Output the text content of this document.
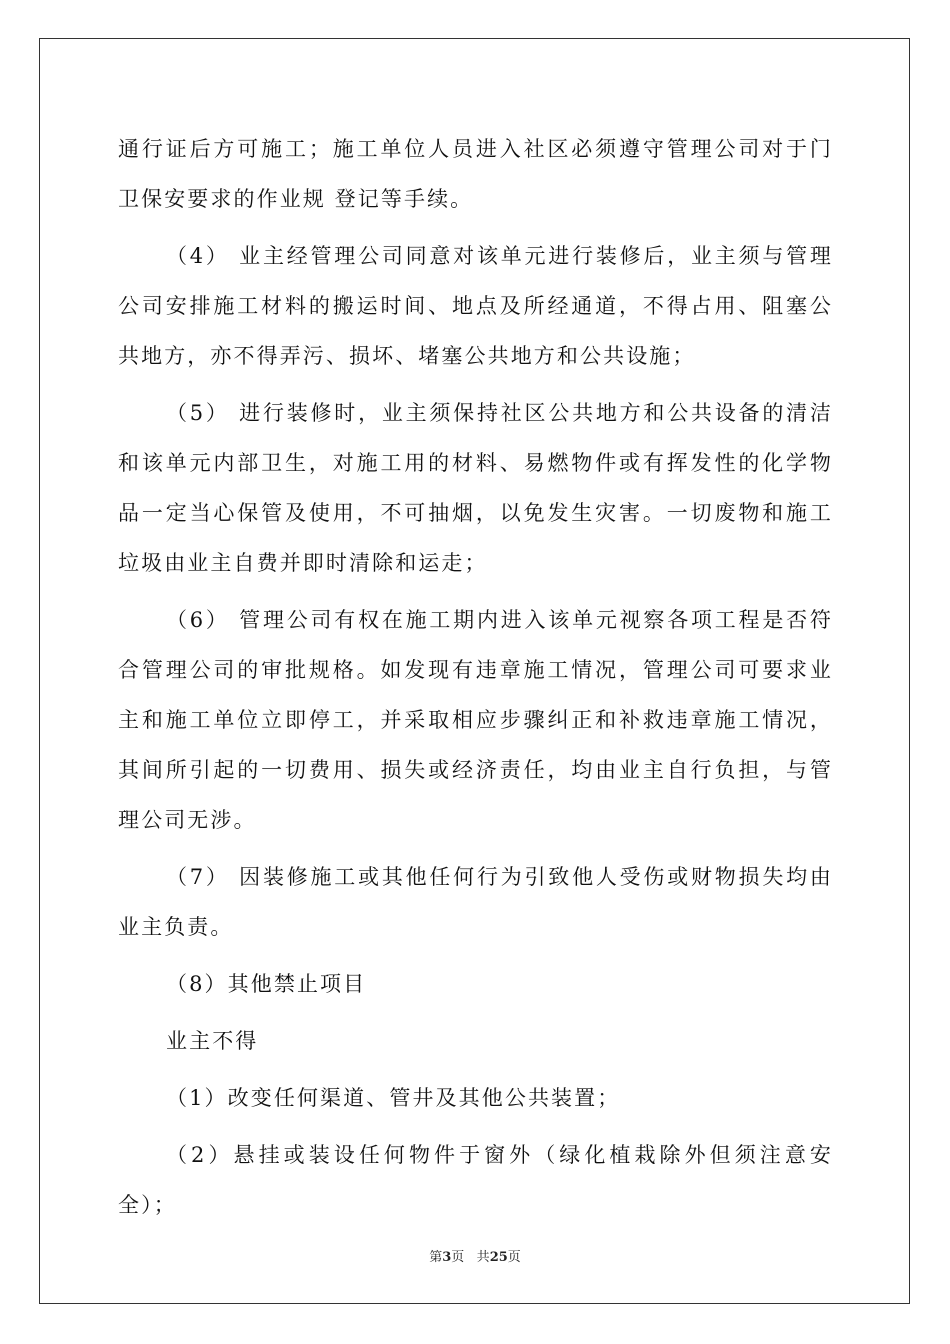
通行证后方可施工；施工单位人员进入社区必须遵守管理公司对于门卫保安要求的作业规 登记等手续。

（4） 业主经管理公司同意对该单元进行装修后，业主须与管理公司安排施工材料的搬运时间、地点及所经通道，不得占用、阻塞公共地方，亦不得弄污、损坏、堵塞公共地方和公共设施；

（5） 进行装修时，业主须保持社区公共地方和公共设备的清洁和该单元内部卫生，对施工用的材料、易燃物件或有挥发性的化学物品一定当心保管及使用，不可抽烟，以免发生灾害。一切废物和施工垃圾由业主自费并即时清除和运走；

（6） 管理公司有权在施工期内进入该单元视察各项工程是否符合管理公司的审批规格。如发现有违章施工情况，管理公司可要求业主和施工单位立即停工，并采取相应步骤纠正和补救违章施工情况，其间所引起的一切费用、损失或经济责任，均由业主自行负担，与管理公司无涉。

（7） 因装修施工或其他任何行为引致他人受伤或财物损失均由业主负责。

（8）其他禁止项目

业主不得

（1）改变任何渠道、管井及其他公共装置；

（2）悬挂或装设任何物件于窗外（绿化植栽除外但须注意安全）；

第3页 共25页
